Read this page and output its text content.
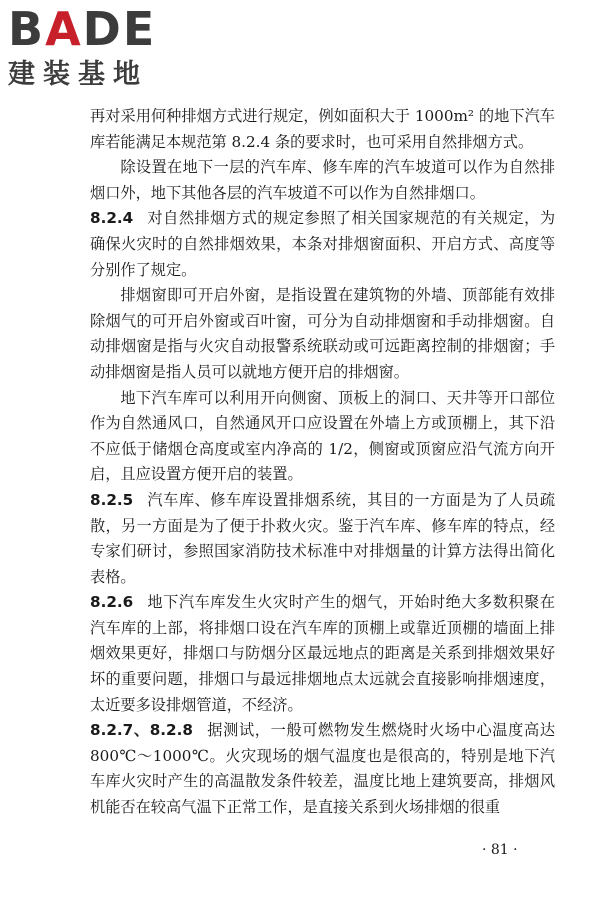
BADE
建装基地

再对采用何种排烟方式进行规定，例如面积大于 1000m² 的地下汽车库若能满足本规范第 8.2.4 条的要求时，也可采用自然排烟方式。

除设置在地下一层的汽车库、修车库的汽车坡道可以作为自然排烟口外，地下其他各层的汽车坡道不可以作为自然排烟口。

8.2.4 对自然排烟方式的规定参照了相关国家规范的有关规定，为确保火灾时的自然排烟效果，本条对排烟窗面积、开启方式、高度等分别作了规定。

排烟窗即可开启外窗，是指设置在建筑物的外墙、顶部能有效排除烟气的可开启外窗或百叶窗，可分为自动排烟窗和手动排烟窗。自动排烟窗是指与火灾自动报警系统联动或可远距离控制的排烟窗；手动排烟窗是指人员可以就地方便开启的排烟窗。

地下汽车库可以利用开向侧窗、顶板上的洞口、天井等开口部位作为自然通风口，自然通风开口应设置在外墙上方或顶棚上，其下沿不应低于储烟仓高度或室内净高的 1/2，侧窗或顶窗应沿气流方向开启，且应设置方便开启的装置。

8.2.5 汽车库、修车库设置排烟系统，其目的一方面是为了人员疏散，另一方面是为了便于扑救火灾。鉴于汽车库、修车库的特点，经专家们研讨，参照国家消防技术标准中对排烟量的计算方法得出简化表格。

8.2.6 地下汽车库发生火灾时产生的烟气，开始时绝大多数积聚在汽车库的上部，将排烟口设在汽车库的顶棚上或靠近顶棚的墙面上排烟效果更好，排烟口与防烟分区最远地点的距离是关系到排烟效果好坏的重要问题，排烟口与最远排烟地点太远就会直接影响排烟速度，太近要多设排烟管道，不经济。

8.2.7、8.2.8 据测试，一般可燃物发生燃烧时火场中心温度高达 800℃～1000℃。火灾现场的烟气温度也是很高的，特别是地下汽车库火灾时产生的高温散发条件较差，温度比地上建筑要高，排烟风机能否在较高气温下正常工作，是直接关系到火场排烟的很重

· 81 ·
